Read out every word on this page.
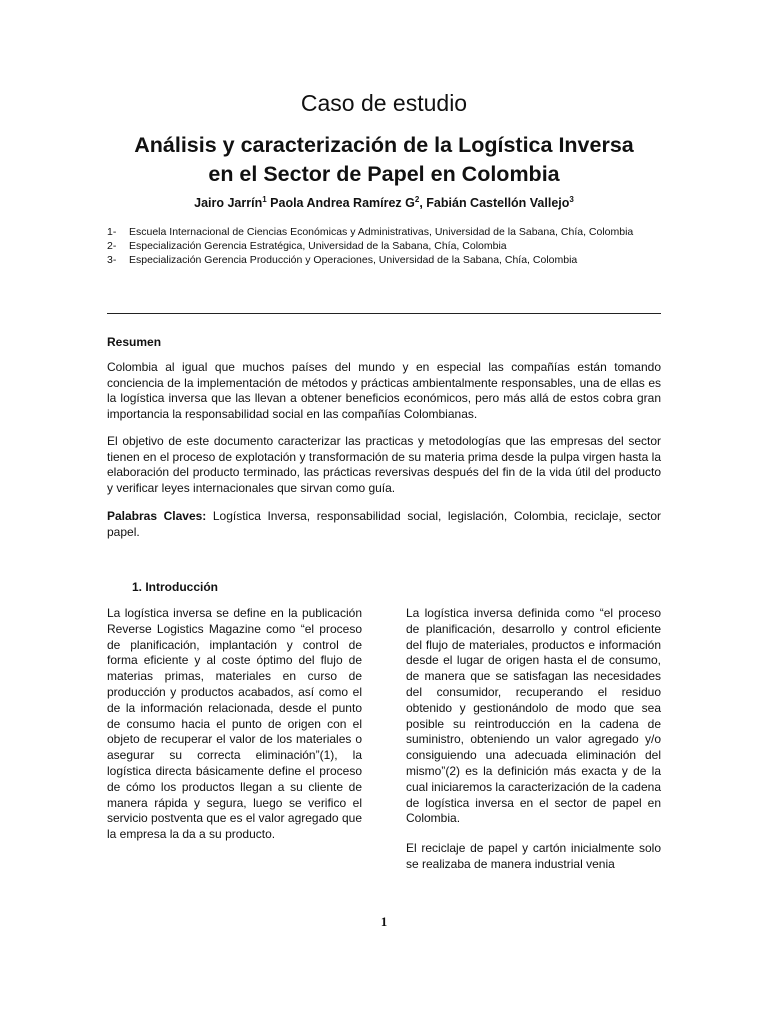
Caso de estudio
Análisis y caracterización de la Logística Inversa
en el Sector de Papel en Colombia
Jairo Jarrín$^1$ Paola Andrea Ramírez $G^2$, Fabián Castellón Vallejo$^3$
1- Escuela Internacional de Ciencias Económicas y Administrativas, Universidad de la Sabana, Chía, Colombia
2- Especialización Gerencia Estratégica, Universidad de la Sabana, Chía, Colombia
3- Especialización Gerencia Producción y Operaciones, Universidad de la Sabana, Chía, Colombia
Resumen

Colombia al igual que muchos países del mundo y en especial las compañías están tomando conciencia de la implementación de métodos y prácticas ambientalmente responsables, una de ellas es la logística inversa que las llevan a obtener beneficios económicos, pero más allá de estos cobra gran importancia la responsabilidad social en las compañías Colombianas.

El objetivo de este documento caracterizar las practicas y metodologías que las empresas del sector tienen en el proceso de explotación y transformación de su materia prima desde la pulpa virgen hasta la elaboración del producto terminado, las prácticas reversivas después del fin de la vida útil del producto y verificar leyes internacionales que sirvan como guía.

Palabras Claves: Logística Inversa, responsabilidad social, legislación, Colombia, reciclaje, sector papel.

1. Introducción

La logística inversa se define en la publicación Reverse Logistics Magazine como “el proceso de planificación, implantación y control de forma eficiente y al coste óptimo del flujo de materias primas, materiales en curso de producción y productos acabados, así como el de la información relacionada, desde el punto de consumo hacia el punto de origen con el objeto de recuperar el valor de los materiales o asegurar su correcta eliminación”(1), la logística directa básicamente define el proceso de cómo los productos llegan a su cliente de manera rápida y segura, luego se verifico el servicio postventa que es el valor agregado que la empresa la da a su producto.

La logística inversa definida como “el proceso de planificación, desarrollo y control eficiente del flujo de materiales, productos e información desde el lugar de origen hasta el de consumo, de manera que se satisfagan las necesidades del consumidor, recuperando el residuo obtenido y gestionándolo de modo que sea posible su reintroducción en la cadena de suministro, obteniendo un valor agregado y/o consiguiendo una adecuada eliminación del mismo”(2) es la definición más exacta y de la cual iniciaremos la caracterización de la cadena de logística inversa en el sector de papel en Colombia.

El reciclaje de papel y cartón inicialmente solo se realizaba de manera industrial venia

1
